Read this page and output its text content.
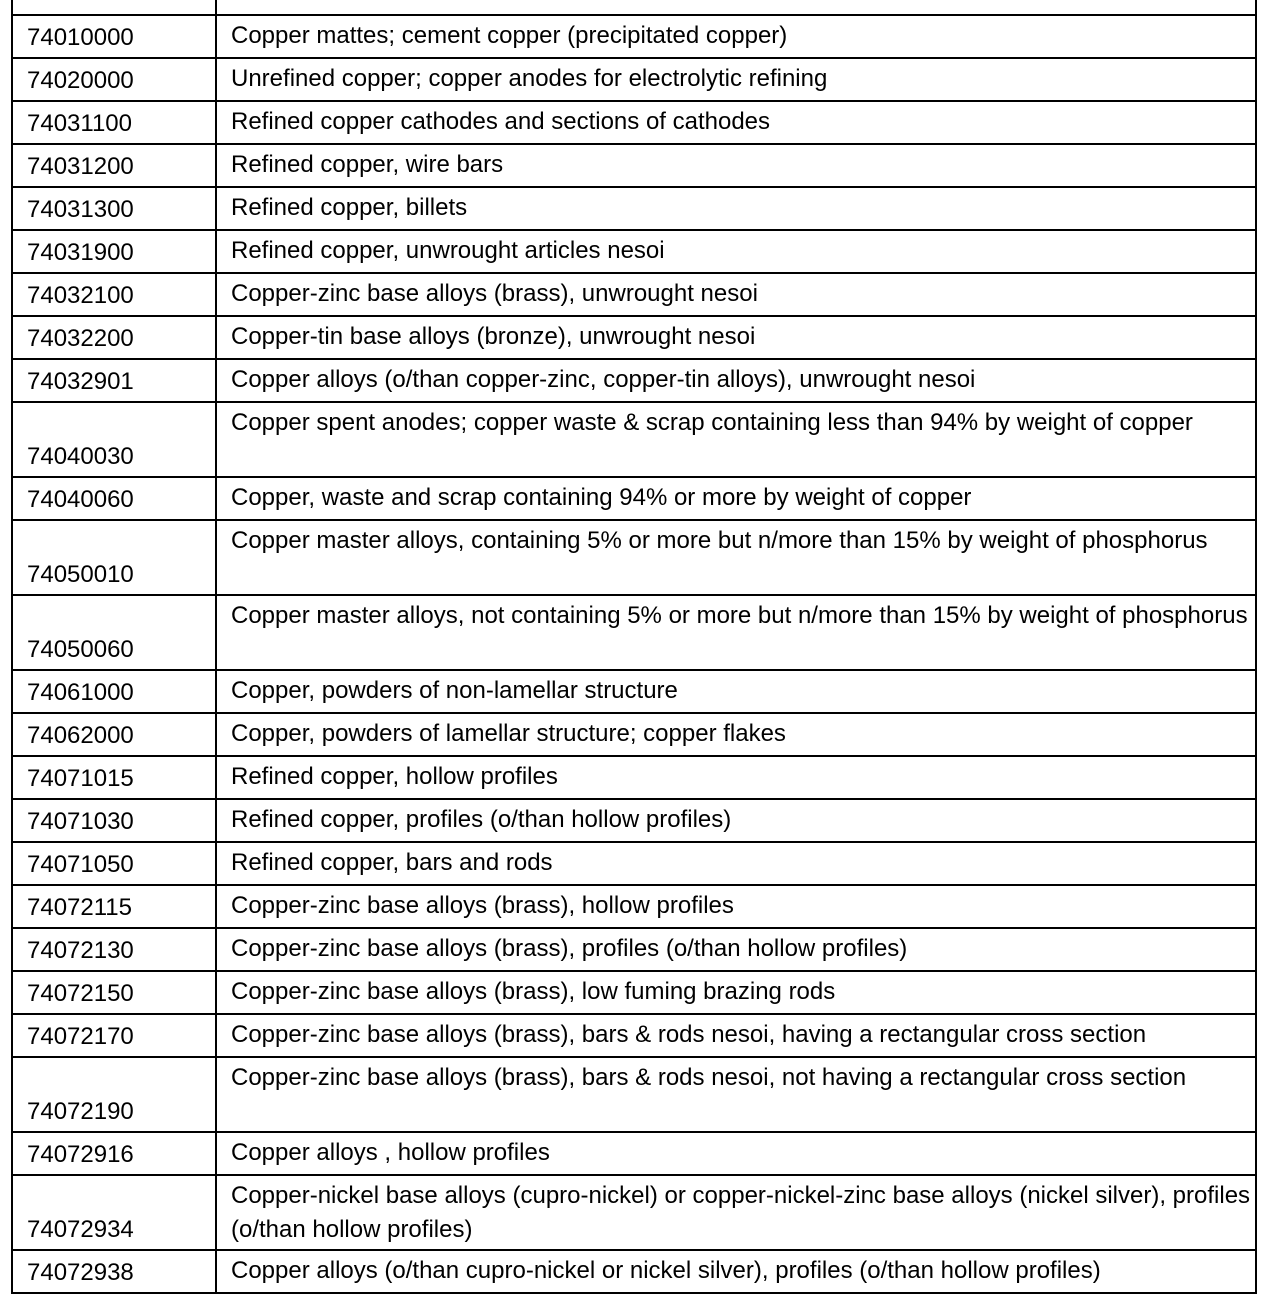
74010000	Copper mattes; cement copper (precipitated copper)
74020000	Unrefined copper; copper anodes for electrolytic refining
74031100	Refined copper cathodes and sections of cathodes
74031200	Refined copper, wire bars
74031300	Refined copper, billets
74031900	Refined copper, unwrought articles nesoi
74032100	Copper-zinc base alloys (brass), unwrought nesoi
74032200	Copper-tin base alloys (bronze), unwrought nesoi
74032901	Copper alloys (o/than copper-zinc, copper-tin alloys), unwrought nesoi
74040030	Copper spent anodes; copper waste & scrap containing less than 94% by weight of copper
74040060	Copper, waste and scrap containing 94% or more by weight of copper
74050010	Copper master alloys, containing 5% or more but n/more than 15% by weight of phosphorus
74050060	Copper master alloys, not containing 5% or more but n/more than 15% by weight of phosphorus
74061000	Copper, powders of non-lamellar structure
74062000	Copper, powders of lamellar structure; copper flakes
74071015	Refined copper, hollow profiles
74071030	Refined copper, profiles (o/than hollow profiles)
74071050	Refined copper, bars and rods
74072115	Copper-zinc base alloys (brass), hollow profiles
74072130	Copper-zinc base alloys (brass), profiles (o/than hollow profiles)
74072150	Copper-zinc base alloys (brass), low fuming brazing rods
74072170	Copper-zinc base alloys (brass), bars & rods nesoi, having a rectangular cross section
74072190	Copper-zinc base alloys (brass), bars & rods nesoi, not having a rectangular cross section
74072916	Copper alloys , hollow profiles
74072934	Copper-nickel base alloys (cupro-nickel) or copper-nickel-zinc base alloys (nickel silver), profiles (o/than hollow profiles)
74072938	Copper alloys (o/than cupro-nickel or nickel silver), profiles (o/than hollow profiles)
